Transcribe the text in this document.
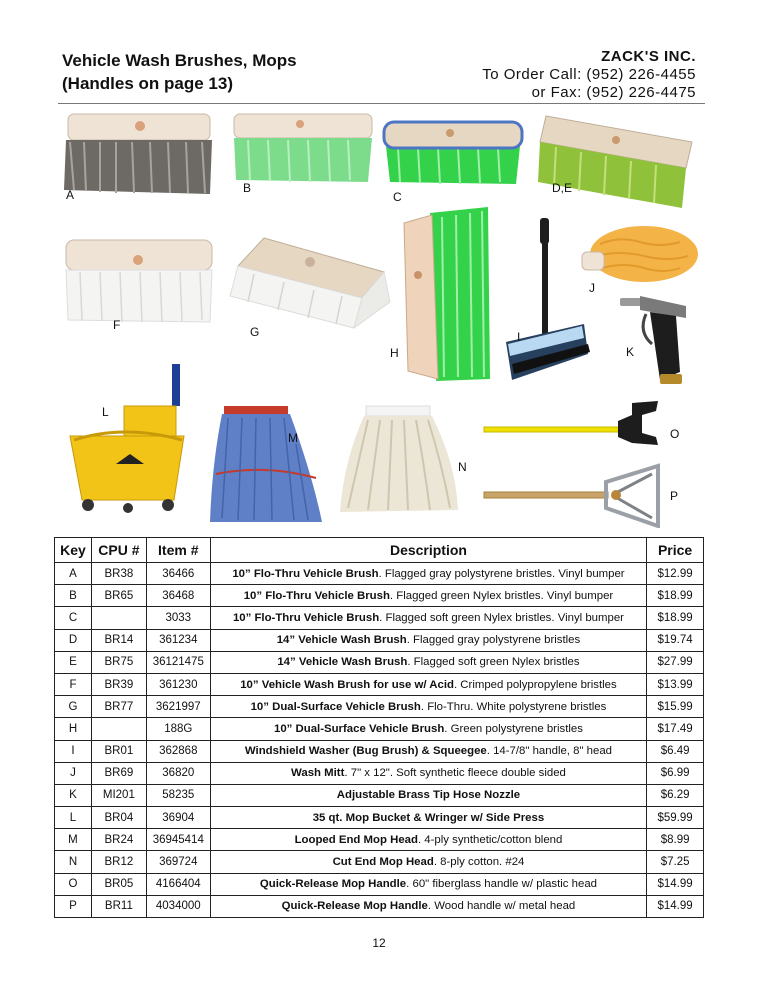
Vehicle Wash Brushes, Mops
(Handles on page 13)
ZACK'S INC.
To Order Call: (952) 226-4455
or Fax: (952) 226-4475
A	B
C
D,E
F	G
H
I
J
K
L
M
N
O
P
Key	CPU #	Item #	Description	Price
A	BR38	36466	10” Flo-Thru Vehicle Brush. Flagged gray polystyrene bristles. Vinyl bumper	$12.99
B	BR65	36468	10” Flo-Thru Vehicle Brush. Flagged green Nylex bristles. Vinyl bumper	$18.99
C		3033	10” Flo-Thru Vehicle Brush. Flagged soft green Nylex bristles. Vinyl bumper	$18.99
D	BR14	361234	14” Vehicle Wash Brush. Flagged gray polystyrene bristles	$19.74
E	BR75	36121475	14” Vehicle Wash Brush. Flagged soft green Nylex bristles	$27.99
F	BR39	361230	10” Vehicle Wash Brush for use w/ Acid. Crimped polypropylene bristles	$13.99
G	BR77	3621997	10” Dual-Surface Vehicle Brush. Flo-Thru. White polystyrene bristles	$15.99
H		188G	10” Dual-Surface Vehicle Brush. Green polystyrene bristles	$17.49
I	BR01	362868	Windshield Washer (Bug Brush) & Squeegee. 14-7/8" handle, 8" head	$6.49
J	BR69	36820	Wash Mitt. 7" x 12". Soft synthetic fleece double sided	$6.99
K	MI201	58235	Adjustable Brass Tip Hose Nozzle	$6.29
L	BR04	36904	35 qt. Mop Bucket & Wringer w/ Side Press	$59.99
M	BR24	36945414	Looped End Mop Head. 4-ply synthetic/cotton blend	$8.99
N	BR12	369724	Cut End Mop Head. 8-ply cotton. #24	$7.25
O	BR05	4166404	Quick-Release Mop Handle. 60" fiberglass handle w/ plastic head	$14.99
P	BR11	4034000	Quick-Release Mop Handle. Wood handle w/ metal head	$14.99
12
